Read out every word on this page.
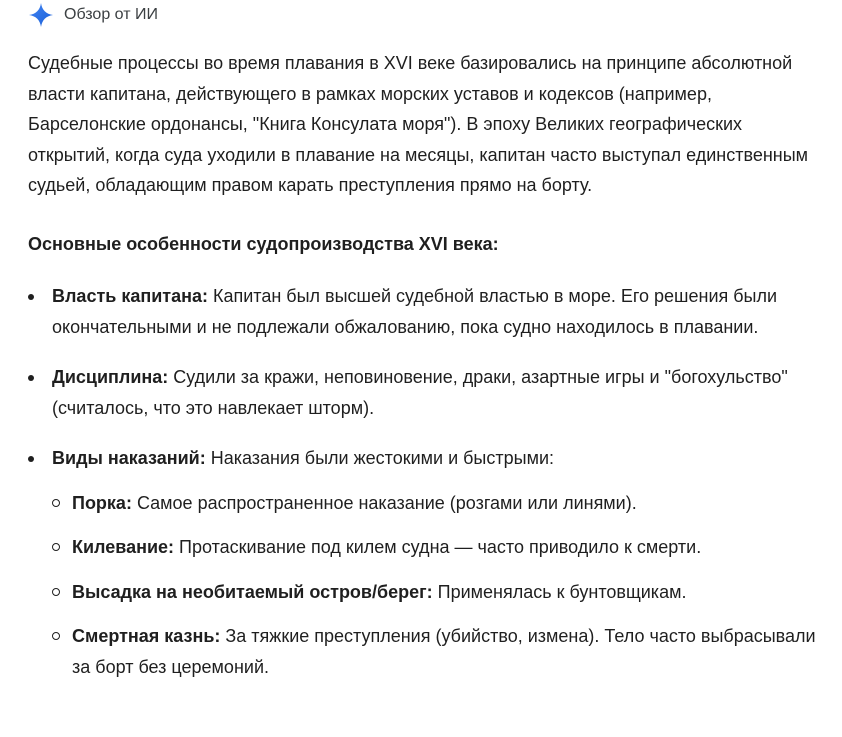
Обзор от ИИ

Судебные процессы во время плавания в XVI веке базировались на принципе абсолютной власти капитана, действующего в рамках морских уставов и кодексов (например, Барселонские ордонансы, "Книга Консулата моря"). В эпоху Великих географических открытий, когда суда уходили в плавание на месяцы, капитан часто выступал единственным судьей, обладающим правом карать преступления прямо на борту.

Основные особенности судопроизводства XVI века:

Власть капитана: Капитан был высшей судебной властью в море. Его решения были окончательными и не подлежали обжалованию, пока судно находилось в плавании.
Дисциплина: Судили за кражи, неповиновение, драки, азартные игры и "богохульство" (считалось, что это навлекает шторм).
Виды наказаний: Наказания были жестокими и быстрыми:
Порка: Самое распространенное наказание (розгами или линями).
Килевание: Протаскивание под килем судна — часто приводило к смерти.
Высадка на необитаемый остров/берег: Применялась к бунтовщикам.
Смертная казнь: За тяжкие преступления (убийство, измена). Тело часто выбрасывали за борт без церемоний.
